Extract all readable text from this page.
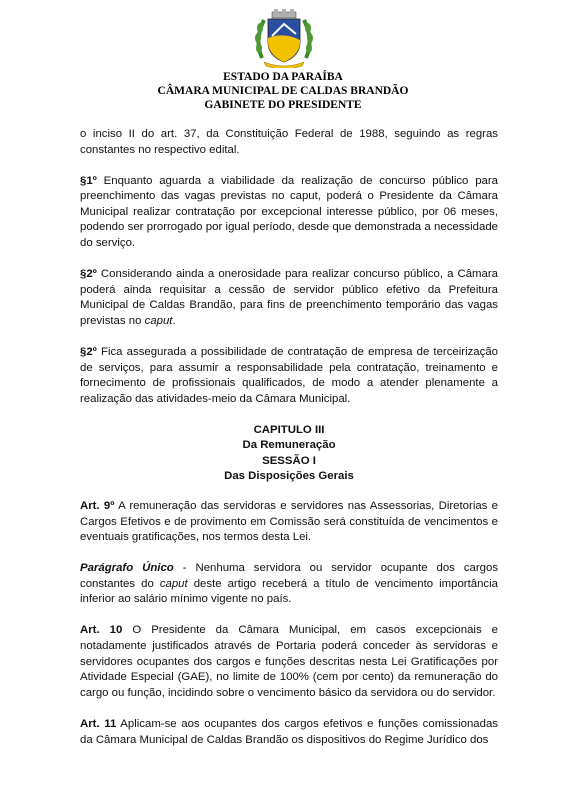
ESTADO DA PARAÍBA
CÂMARA MUNICIPAL DE CALDAS BRANDÃO
GABINETE DO PRESIDENTE

o inciso II do art. 37, da Constituição Federal de 1988, seguindo as regras constantes no respectivo edital.

§1º Enquanto aguarda a viabilidade da realização de concurso público para preenchimento das vagas previstas no caput, poderá o Presidente da Câmara Municipal realizar contratação por excepcional interesse público, por 06 meses, podendo ser prorrogado por igual período, desde que demonstrada a necessidade do serviço.

§2º Considerando ainda a onerosidade para realizar concurso público, a Câmara poderá ainda requisitar a cessão de servidor público efetivo da Prefeitura Municipal de Caldas Brandão, para fins de preenchimento temporário das vagas previstas no caput.

§2º Fica assegurada a possibilidade de contratação de empresa de terceirização de serviços, para assumir a responsabilidade pela contratação, treinamento e fornecimento de profissionais qualificados, de modo a atender plenamente a realização das atividades-meio da Câmara Municipal.

CAPITULO III
Da Remuneração
SESSÃO I
Das Disposições Gerais

Art. 9º A remuneração das servidoras e servidores nas Assessorias, Diretorias e Cargos Efetivos e de provimento em Comissão será constituída de vencimentos e eventuais gratificações, nos termos desta Lei.

Parágrafo Único - Nenhuma servidora ou servidor ocupante dos cargos constantes do caput deste artigo receberá a título de vencimento importância inferior ao salário mínimo vigente no país.

Art. 10 O Presidente da Câmara Municipal, em casos excepcionais e notadamente justificados através de Portaria poderá conceder às servidoras e servidores ocupantes dos cargos e funções descritas nesta Lei Gratificações por Atividade Especial (GAE), no limite de 100% (cem por cento) da remuneração do cargo ou função, incidindo sobre o vencimento básico da servidora ou do servidor.

Art. 11 Aplicam-se aos ocupantes dos cargos efetivos e funções comissionadas da Câmara Municipal de Caldas Brandão os dispositivos do Regime Jurídico dos
